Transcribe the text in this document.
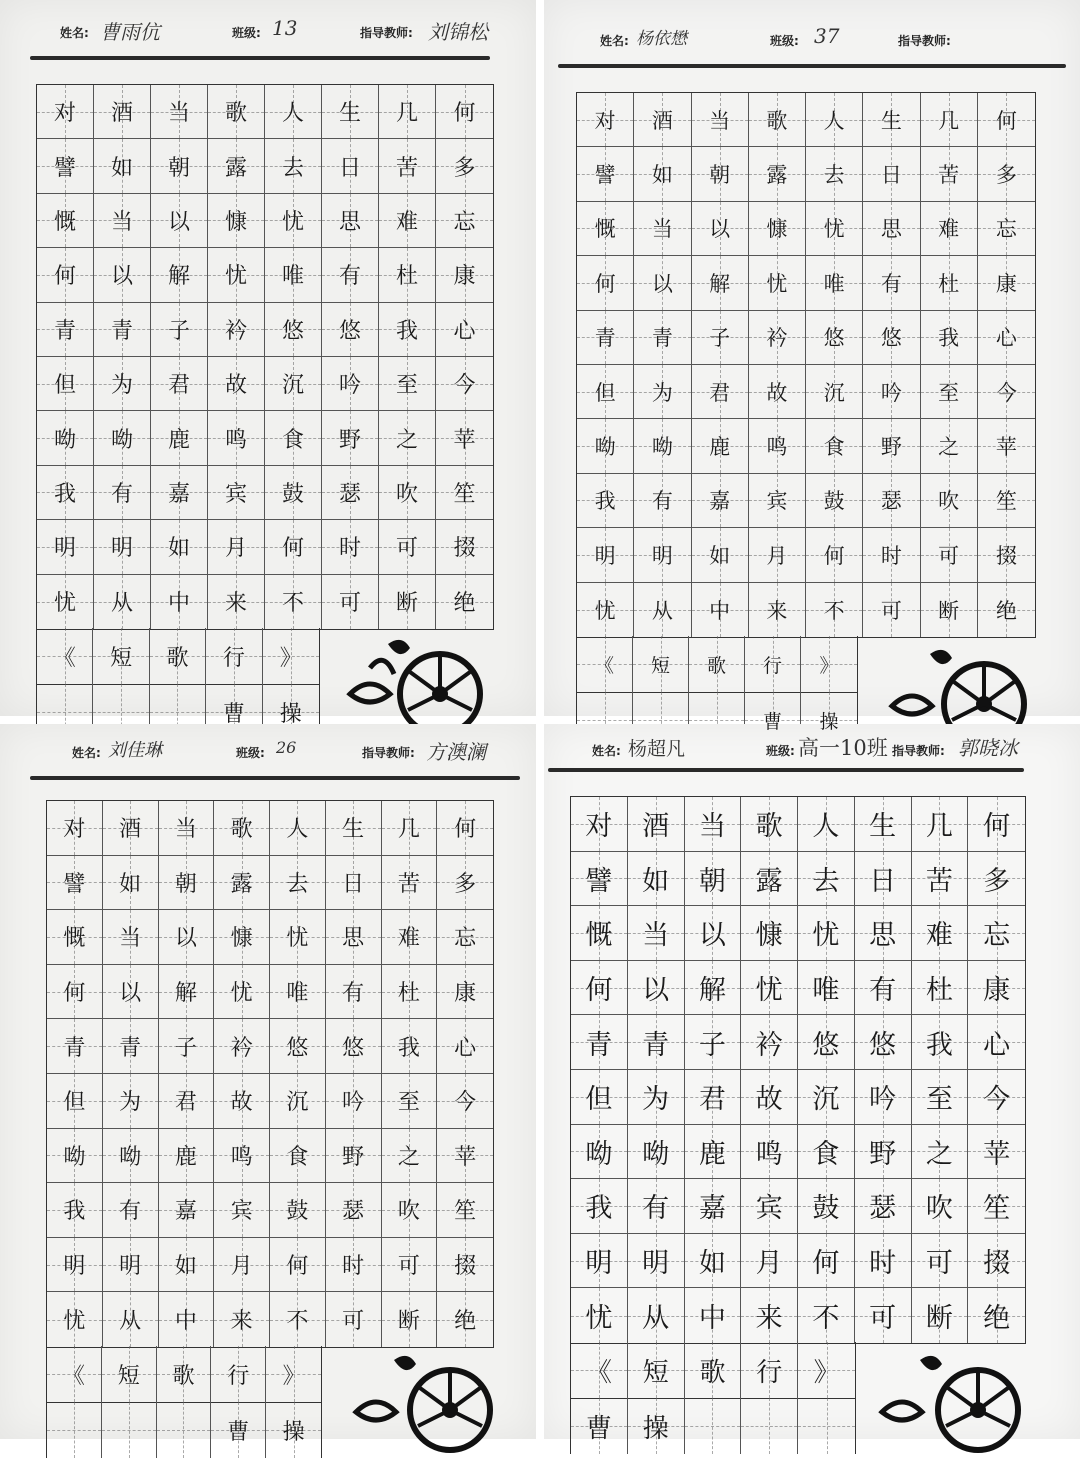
姓名: 曹雨伉	班级: 13	指导教师: 刘锦松
对 酒 当 歌 人 生 几 何
譬 如 朝 露 去 日 苦 多
慨 当 以 慷 忧 思 难 忘
何 以 解 忧 唯 有 杜 康
青 青 子 衿 悠 悠 我 心
但 为 君 故 沉 吟 至 今
呦 呦 鹿 鸣 食 野 之 苹
我 有 嘉 宾 鼓 瑟 吹 笙
明 明 如 月 何 时 可 掇
忧 从 中 来 不 可 断 绝
《 短 歌 行 》
曹 操
姓名: 杨依懋	班级: 37	指导教师:
对 酒 当 歌 人 生 几 何
譬 如 朝 露 去 日 苦 多
慨 当 以 慷 忧 思 难 忘
何 以 解 忧 唯 有 杜 康
青 青 子 衿 悠 悠 我 心
但 为 君 故 沉 吟 至 今
呦 呦 鹿 鸣 食 野 之 苹
我 有 嘉 宾 鼓 瑟 吹 笙
明 明 如 月 何 时 可 掇
忧 从 中 来 不 可 断 绝
《 短 歌 行 》
曹 操
姓名: 刘佳琳	班级: 26	指导教师: 方澳澜
对 酒 当 歌 人 生 几 何
譬 如 朝 露 去 日 苦 多
慨 当 以 慷 忧 思 难 忘
何 以 解 忧 唯 有 杜 康
青 青 子 衿 悠 悠 我 心
但 为 君 故 沉 吟 至 今
呦 呦 鹿 鸣 食 野 之 苹
我 有 嘉 宾 鼓 瑟 吹 笙
明 明 如 月 何 时 可 掇
忧 从 中 来 不 可 断 绝
《 短 歌 行 》
曹 操
姓名: 杨超凡	班级: 高一10班 指导教师: 郭晓冰
对 酒 当 歌 人 生 几 何
譬 如 朝 露 去 日 苦 多
慨 当 以 慷 忧 思 难 忘
何 以 解 忧 唯 有 杜 康
青 青 子 衿 悠 悠 我 心
但 为 君 故 沉 吟 至 今
呦 呦 鹿 鸣 食 野 之 苹
我 有 嘉 宾 鼓 瑟 吹 笙
明 明 如 月 何 时 可 掇
忧 从 中 来 不 可 断 绝
《 短 歌 行 》
曹 操
